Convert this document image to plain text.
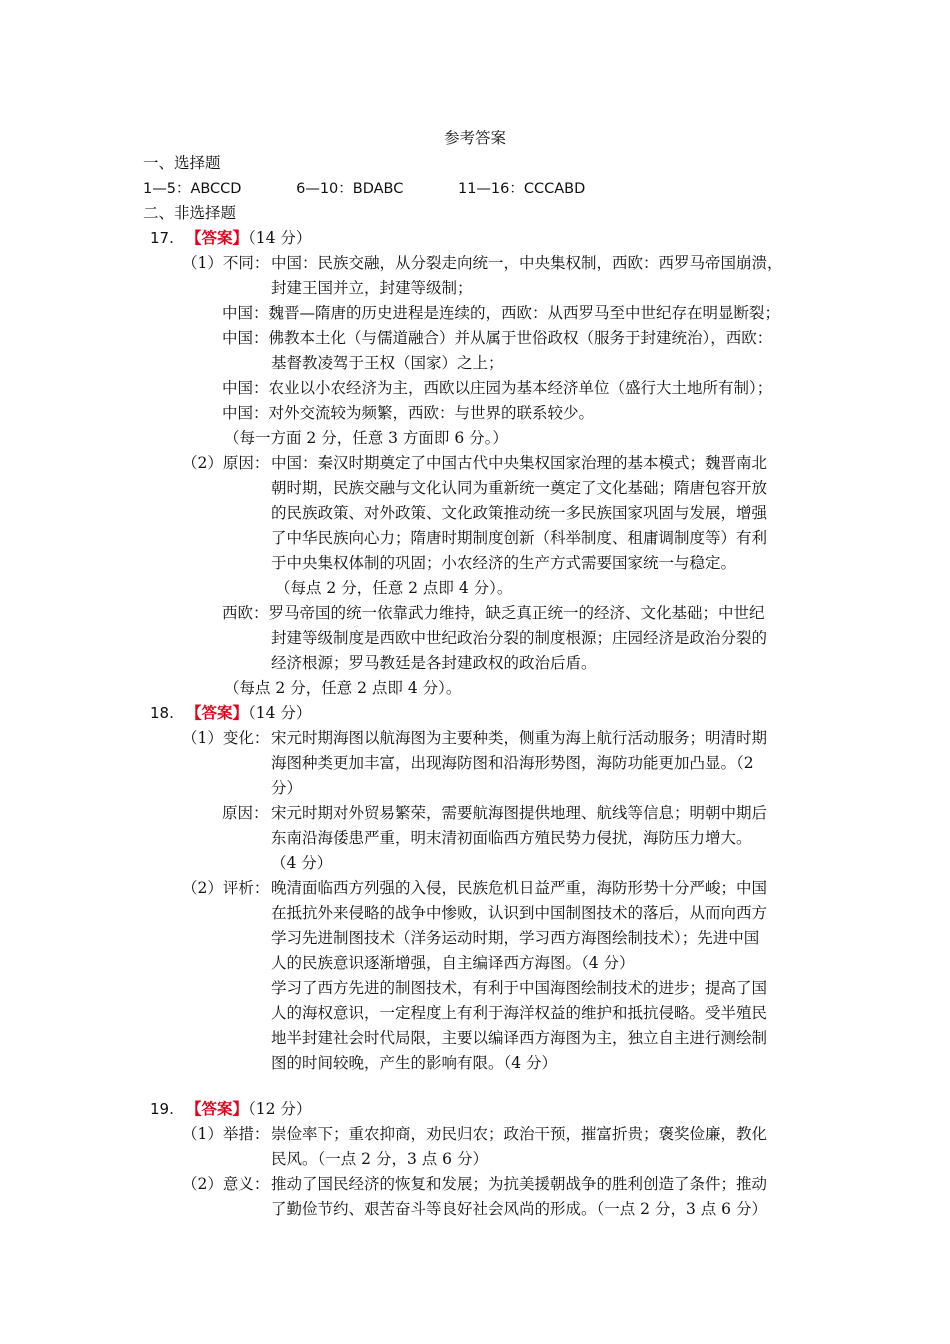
参考答案
一、选择题
1—5：ABCCD	6—10：BDABC	11—16：CCCABD
二、非选择题
17. 【答案】（14 分）
（1）不同： 中国：民族交融，从分裂走向统一，中央集权制，西欧：西罗马帝国崩溃，
封建王国并立，封建等级制；
中国：魏晋—隋唐的历史进程是连续的，西欧：从西罗马至中世纪存在明显断裂；
中国：佛教本土化（与儒道融合）并从属于世俗政权（服务于封建统治），西欧：
基督教凌驾于王权（国家）之上；
中国：农业以小农经济为主，西欧以庄园为基本经济单位（盛行大土地所有制）；
中国：对外交流较为频繁，西欧：与世界的联系较少。
（每一方面 2 分，任意 3 方面即 6 分。）
（2）原因： 中国：秦汉时期奠定了中国古代中央集权国家治理的基本模式；魏晋南北
朝时期，民族交融与文化认同为重新统一奠定了文化基础；隋唐包容开放
的民族政策、对外政策、文化政策推动统一多民族国家巩固与发展，增强
了中华民族向心力；隋唐时期制度创新（科举制度、租庸调制度等）有利
于中央集权体制的巩固；小农经济的生产方式需要国家统一与稳定。
（每点 2 分，任意 2 点即 4 分）。
西欧：罗马帝国的统一依靠武力维持，缺乏真正统一的经济、文化基础；中世纪
封建等级制度是西欧中世纪政治分裂的制度根源；庄园经济是政治分裂的
经济根源；罗马教廷是各封建政权的政治后盾。
（每点 2 分，任意 2 点即 4 分）。
18. 【答案】（14 分）
（1）变化： 宋元时期海图以航海图为主要种类，侧重为海上航行活动服务；明清时期
海图种类更加丰富，出现海防图和沿海形势图，海防功能更加凸显。（2
分）
原因： 宋元时期对外贸易繁荣，需要航海图提供地理、航线等信息；明朝中期后
东南沿海倭患严重，明末清初面临西方殖民势力侵扰，海防压力增大。
（4 分）
（2）评析： 晚清面临西方列强的入侵，民族危机日益严重，海防形势十分严峻；中国
在抵抗外来侵略的战争中惨败，认识到中国制图技术的落后，从而向西方
学习先进制图技术（洋务运动时期，学习西方海图绘制技术）；先进中国
人的民族意识逐渐增强，自主编译西方海图。（4 分）
学习了西方先进的制图技术，有利于中国海图绘制技术的进步；提高了国
人的海权意识，一定程度上有利于海洋权益的维护和抵抗侵略。受半殖民
地半封建社会时代局限，主要以编译西方海图为主，独立自主进行测绘制
图的时间较晚，产生的影响有限。（4 分）
19. 【答案】（12 分）
（1）举措： 崇俭率下；重农抑商，劝民归农；政治干预，摧富折贵；褒奖俭廉，教化
民风。（一点 2 分，3 点 6 分）
（2）意义： 推动了国民经济的恢复和发展；为抗美援朝战争的胜利创造了条件；推动
了勤俭节约、艰苦奋斗等良好社会风尚的形成。（一点 2 分，3 点 6 分）
